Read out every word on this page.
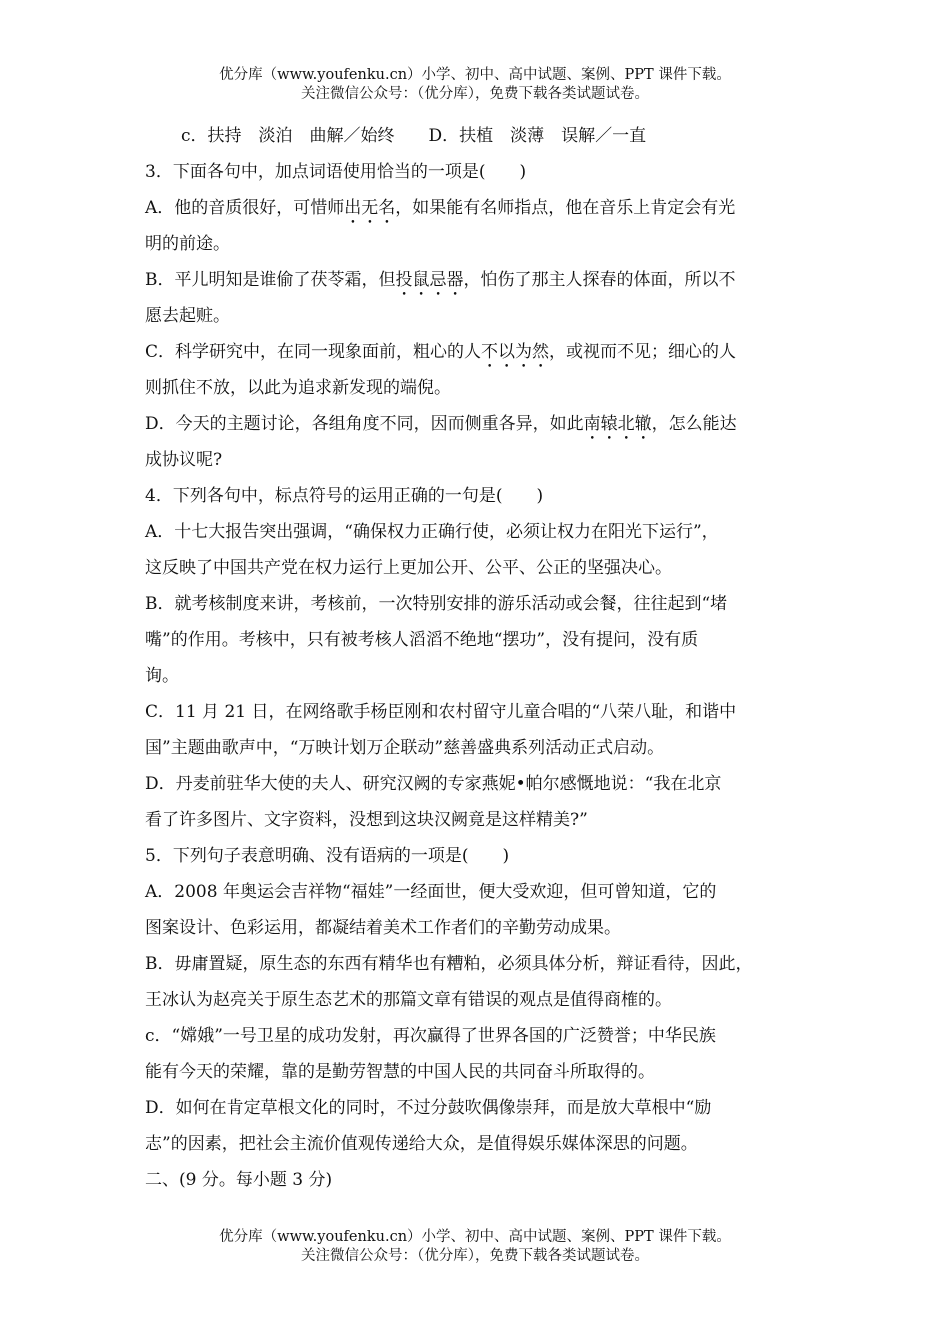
优分库（www.youfenku.cn）小学、初中、高中试题、案例、PPT 课件下载。
关注微信公众号：（优分库），免费下载各类试题试卷。
c．扶持　淡泊　曲解／始终　　D．扶植　淡薄　误解／一直
3．下面各句中，加点词语使用恰当的一项是(　　)
A．他的音质很好，可惜师出无名，如果能有名师指点，他在音乐上肯定会有光
明的前途。
B．平儿明知是谁偷了茯苓霜，但投鼠忌器，怕伤了那主人探春的体面，所以不
愿去起赃。
C．科学研究中，在同一现象面前，粗心的人不以为然，或视而不见；细心的人
则抓住不放，以此为追求新发现的端倪。
D．今天的主题讨论，各组角度不同，因而侧重各异，如此南辕北辙，怎么能达
成协议呢?
4．下列各句中，标点符号的运用正确的一句是(　　)
A．十七大报告突出强调，“确保权力正确行使，必须让权力在阳光下运行”，
这反映了中国共产党在权力运行上更加公开、公平、公正的坚强决心。
B．就考核制度来讲，考核前，一次特别安排的游乐活动或会餐，往往起到“堵
嘴”的作用。考核中，只有被考核人滔滔不绝地“摆功”，没有提问，没有质
询。
C．11 月 21 日，在网络歌手杨臣刚和农村留守儿童合唱的“八荣八耻，和谐中
国”主题曲歌声中，“万映计划万企联动”慈善盛典系列活动正式启动。
D．丹麦前驻华大使的夫人、研究汉阙的专家燕妮•帕尔感慨地说：“我在北京
看了许多图片、文字资料，没想到这块汉阙竟是这样精美?”
5．下列句子表意明确、没有语病的一项是(　　)
A．2008 年奥运会吉祥物“福娃”一经面世，便大受欢迎，但可曾知道，它的
图案设计、色彩运用，都凝结着美术工作者们的辛勤劳动成果。
B．毋庸置疑，原生态的东西有精华也有糟粕，必须具体分析，辩证看待，因此，
王冰认为赵亮关于原生态艺术的那篇文章有错误的观点是值得商榷的。
c．“嫦娥”一号卫星的成功发射，再次赢得了世界各国的广泛赞誉；中华民族
能有今天的荣耀，靠的是勤劳智慧的中国人民的共同奋斗所取得的。
D．如何在肯定草根文化的同时，不过分鼓吹偶像崇拜，而是放大草根中“励
志”的因素，把社会主流价值观传递给大众，是值得娱乐媒体深思的问题。
二、(9 分。每小题 3 分)
优分库（www.youfenku.cn）小学、初中、高中试题、案例、PPT 课件下载。
关注微信公众号：（优分库），免费下载各类试题试卷。
